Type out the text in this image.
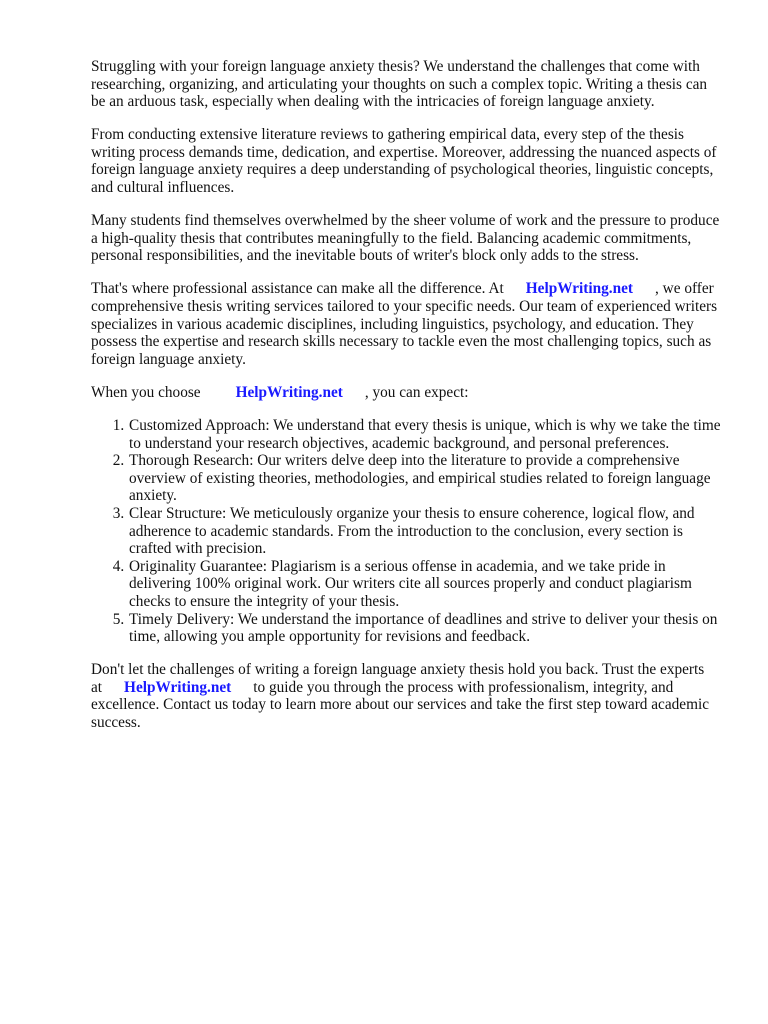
Struggling with your foreign language anxiety thesis? We understand the challenges that come with researching, organizing, and articulating your thoughts on such a complex topic. Writing a thesis can be an arduous task, especially when dealing with the intricacies of foreign language anxiety.

From conducting extensive literature reviews to gathering empirical data, every step of the thesis writing process demands time, dedication, and expertise. Moreover, addressing the nuanced aspects of foreign language anxiety requires a deep understanding of psychological theories, linguistic concepts, and cultural influences.

Many students find themselves overwhelmed by the sheer volume of work and the pressure to produce a high-quality thesis that contributes meaningfully to the field. Balancing academic commitments, personal responsibilities, and the inevitable bouts of writer's block only adds to the stress.

That's where professional assistance can make all the difference. At HelpWriting.net , we offer comprehensive thesis writing services tailored to your specific needs. Our team of experienced writers specializes in various academic disciplines, including linguistics, psychology, and education. They possess the expertise and research skills necessary to tackle even the most challenging topics, such as foreign language anxiety.

When you choose HelpWriting.net , you can expect:

1. Customized Approach: We understand that every thesis is unique, which is why we take the time to understand your research objectives, academic background, and personal preferences.
2. Thorough Research: Our writers delve deep into the literature to provide a comprehensive overview of existing theories, methodologies, and empirical studies related to foreign language anxiety.
3. Clear Structure: We meticulously organize your thesis to ensure coherence, logical flow, and adherence to academic standards. From the introduction to the conclusion, every section is crafted with precision.
4. Originality Guarantee: Plagiarism is a serious offense in academia, and we take pride in delivering 100% original work. Our writers cite all sources properly and conduct plagiarism checks to ensure the integrity of your thesis.
5. Timely Delivery: We understand the importance of deadlines and strive to deliver your thesis on time, allowing you ample opportunity for revisions and feedback.

Don't let the challenges of writing a foreign language anxiety thesis hold you back. Trust the experts at HelpWriting.net to guide you through the process with professionalism, integrity, and excellence. Contact us today to learn more about our services and take the first step toward academic success.
